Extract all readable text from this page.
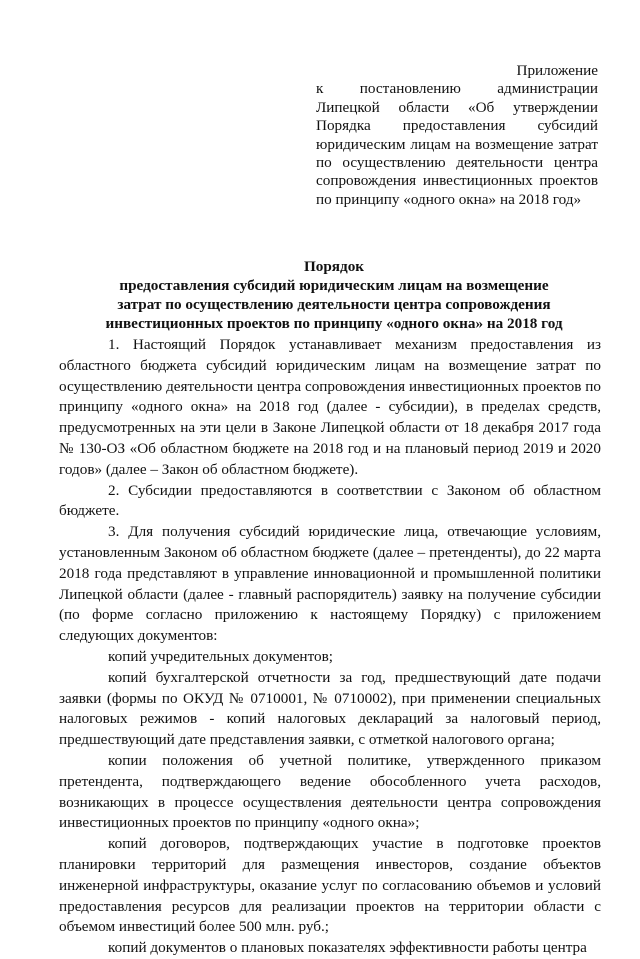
Приложение
к постановлению администрации
Липецкой области «Об утверждении
Порядка предоставления субсидий
юридическим лицам на возмещение затрат
по осуществлению деятельности центра
сопровождения инвестиционных проектов
по принципу «одного окна» на 2018 год»
Порядок
предоставления субсидий юридическим лицам на возмещение
затрат по осуществлению деятельности центра сопровождения
инвестиционных проектов по принципу «одного окна» на 2018 год

1. Настоящий Порядок устанавливает механизм предоставления из областного бюджета субсидий юридическим лицам на возмещение затрат по осуществлению деятельности центра сопровождения инвестиционных проектов по принципу «одного окна» на 2018 год (далее - субсидии), в пределах средств, предусмотренных на эти цели в Законе Липецкой области от 18 декабря 2017 года № 130-ОЗ «Об областном бюджете на 2018 год и на плановый период 2019 и 2020 годов» (далее – Закон об областном бюджете).

2. Субсидии предоставляются в соответствии с Законом об областном бюджете.

3. Для получения субсидий юридические лица, отвечающие условиям, установленным Законом об областном бюджете (далее – претенденты), до 22 марта 2018 года представляют в управление инновационной и промышленной политики Липецкой области (далее - главный распорядитель) заявку на получение субсидии (по форме согласно приложению к настоящему Порядку) с приложением следующих документов:

копий учредительных документов;

копий бухгалтерской отчетности за год, предшествующий дате подачи заявки (формы по ОКУД № 0710001, № 0710002), при применении специальных налоговых режимов - копий налоговых деклараций за налоговый период, предшествующий дате представления заявки, с отметкой налогового органа;

копии положения об учетной политике, утвержденного приказом претендента, подтверждающего ведение обособленного учета расходов, возникающих в процессе осуществления деятельности центра сопровождения инвестиционных проектов по принципу «одного окна»;

копий договоров, подтверждающих участие в подготовке проектов планировки территорий для размещения инвесторов, создание объектов инженерной инфраструктуры, оказание услуг по согласованию объемов и условий предоставления ресурсов для реализации проектов на территории области с объемом инвестиций более 500 млн. руб.;

копий документов о плановых показателях эффективности работы центра
